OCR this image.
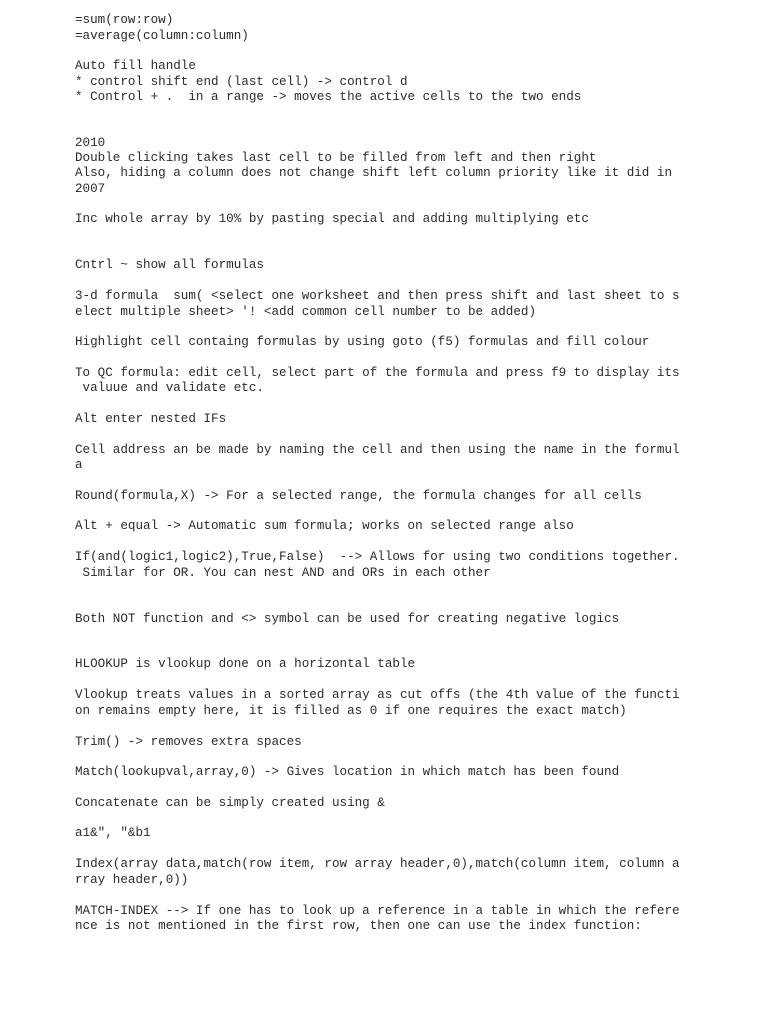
=sum(row:row)

=average(column:column)

Auto fill handle

* control shift end (last cell) -> control d

* Control + .  in a range -> moves the active cells to the two ends

2010

Double clicking takes last cell to be filled from left and then right

Also, hiding a column does not change shift left column priority like it did in

2007

Inc whole array by 10% by pasting special and adding multiplying etc

Cntrl ~ show all formulas

3-d formula  sum( <select one worksheet and then press shift and last sheet to s

elect multiple sheet> '! <add common cell number to be added)

Highlight cell containg formulas by using goto (f5) formulas and fill colour

To QC formula: edit cell, select part of the formula and press f9 to display its

valuue and validate etc.

Alt enter nested IFs

Cell address an be made by naming the cell and then using the name in the formul

a

Round(formula,X) -> For a selected range, the formula changes for all cells

Alt + equal -> Automatic sum formula; works on selected range also

If(and(logic1,logic2),True,False)  --> Allows for using two conditions together.

Similar for OR. You can nest AND and ORs in each other

Both NOT function and <> symbol can be used for creating negative logics

HLOOKUP is vlookup done on a horizontal table

Vlookup treats values in a sorted array as cut offs (the 4th value of the functi

on remains empty here, it is filled as 0 if one requires the exact match)

Trim() -> removes extra spaces

Match(lookupval,array,0) -> Gives location in which match has been found

Concatenate can be simply created using &

a1&", "&b1

Index(array data,match(row item, row array header,0),match(column item, column a

rray header,0))

MATCH-INDEX --> If one has to look up a reference in a table in which the refere

nce is not mentioned in the first row, then one can use the index function:
